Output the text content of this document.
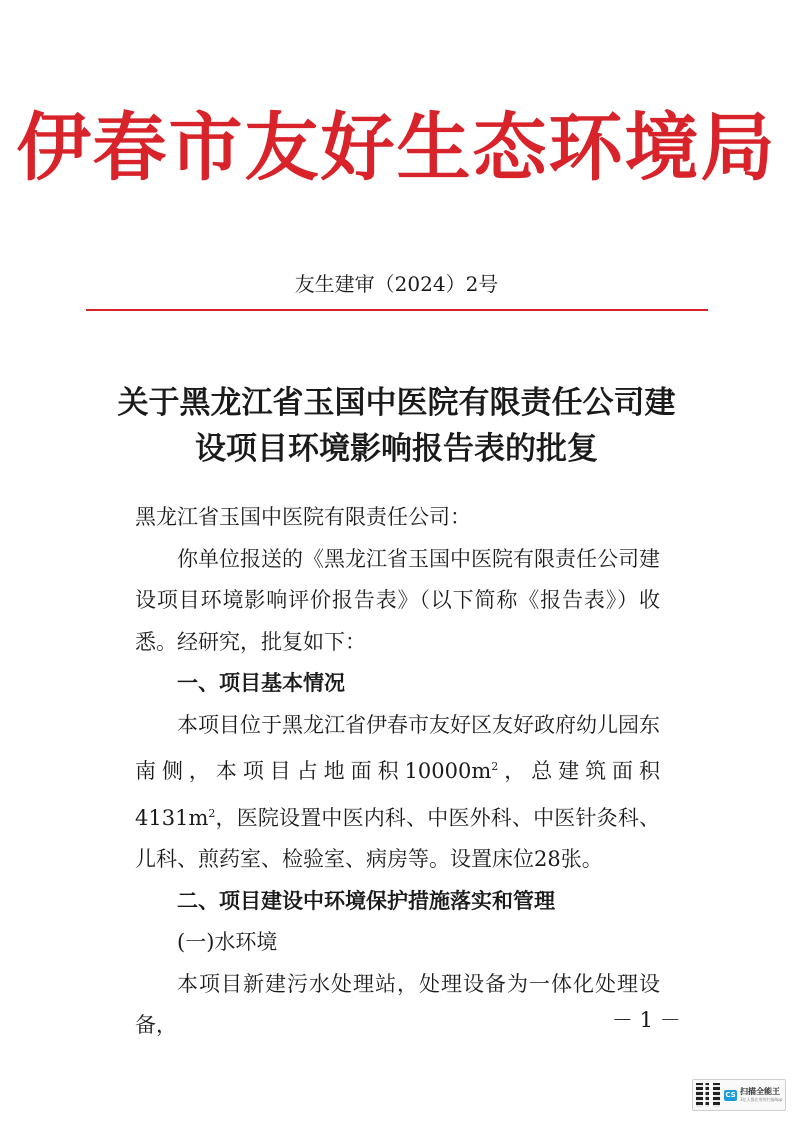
伊春市友好生态环境局
友生建审（2024）2号
关于黑龙江省玉国中医院有限责任公司建
设项目环境影响报告表的批复

黑龙江省玉国中医院有限责任公司：

你单位报送的《黑龙江省玉国中医院有限责任公司建设项目环境影响评价报告表》（以下简称《报告表》）收悉。经研究，批复如下：

一、项目基本情况

本项目位于黑龙江省伊春市友好区友好政府幼儿园东南侧，本项目占地面积$10000m^2$，总建筑面积$4131m^2$，医院设置中医内科、中医外科、中医针灸科、儿科、煎药室、检验室、病房等。设置床位28张。

二、项目建设中环境保护措施落实和管理

(一)水环境

本项目新建污水处理站，处理设备为一体化处理设备，	－ 1 －
CS 扫描全能王
3亿人都在用的扫描App
